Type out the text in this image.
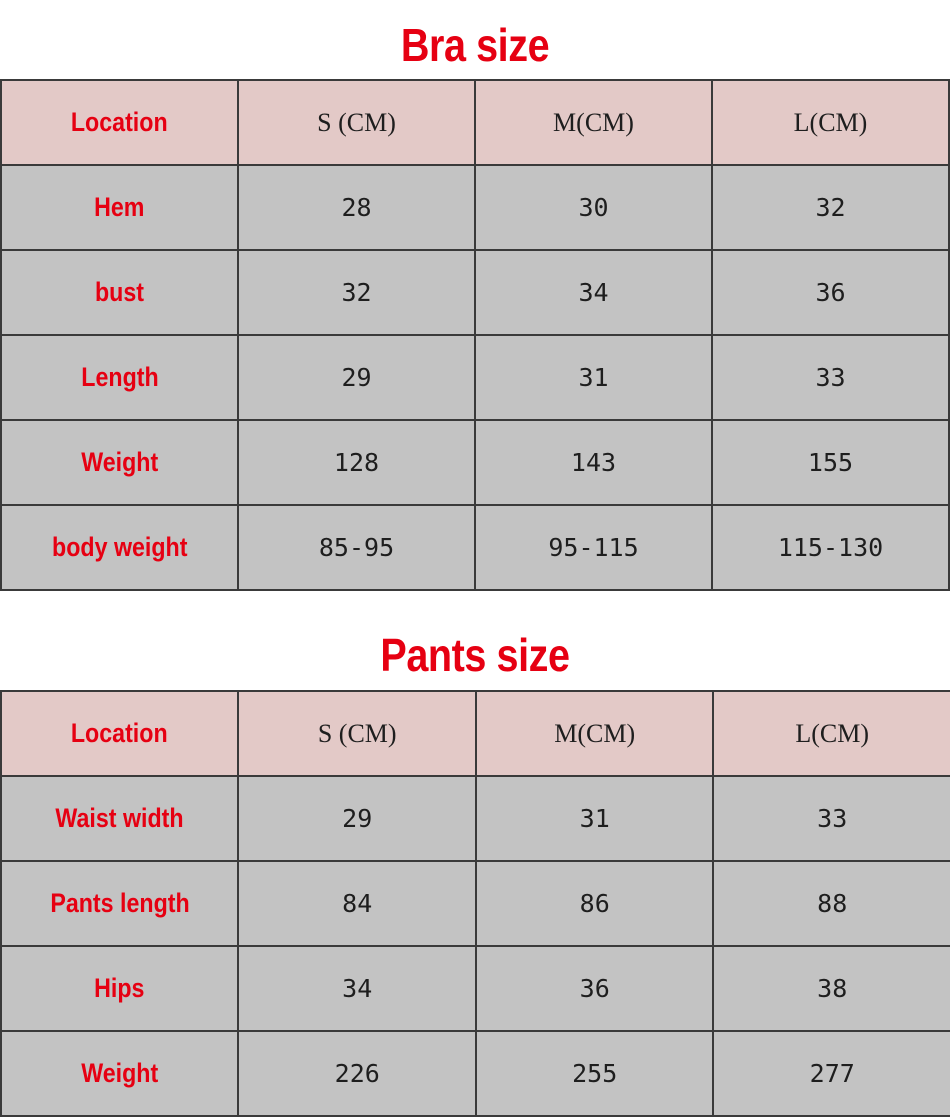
Bra size
Location	S (CM)	M(CM)	L(CM)
Hem	28	30	32
bust	32	34	36
Length	29	31	33
Weight	128	143	155
body weight	85-95	95-115	115-130
Pants size
Location	S (CM)	M(CM)	L(CM)
Waist width	29	31	33
Pants length	84	86	88
Hips	34	36	38
Weight	226	255	277
